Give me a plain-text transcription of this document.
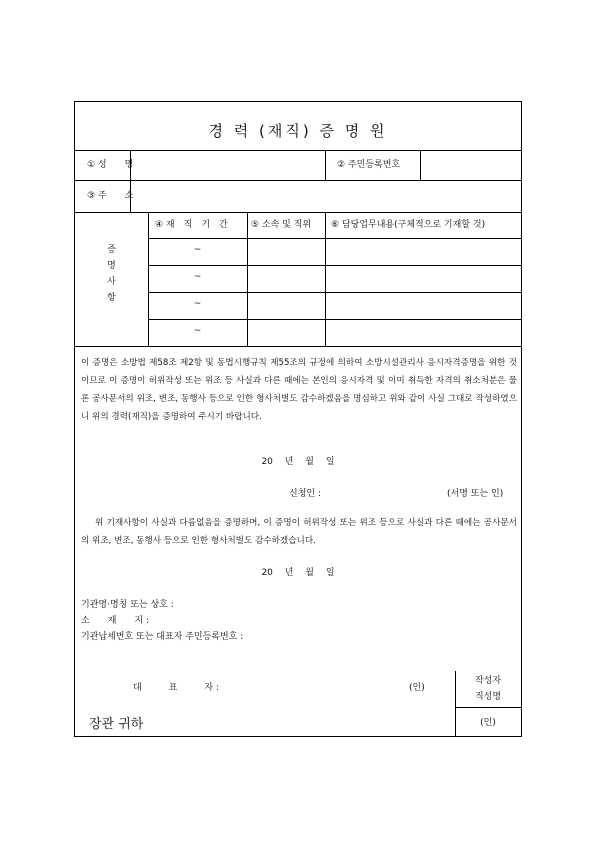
경 력 (재직) 증 명 원
① 성　　명	② 주민등록번호
③ 주　　소
증
명
사
항
④ 재　직　기　간	⑤ 소속 및 직위 ⑥ 담당업무내용(구체적으로 기재할 것)
~
~
~
~
이 증명은 소방법 제58조 제2항 및 동법시행규칙 제55조의 규정에 의하여 소방시설관리사 응시자격증명을 위한 것이므로 이 증명이 허위작성 또는 위조 등 사실과 다른 때에는 본인의 응시자격 및 이미 취득한 자격의 취소처분은 물론 공사문서의 위조, 변조, 동행사 등으로 인한 형사처벌도 감수하겠음을 명심하고 위와 같이 사실 그대로 작성하였으니 위의 경력(재직)을 증명하여 주시기 바랍니다.
20　 년　 월　 일
신청인 :	(서명 또는 인)
위 기재사항이 사실과 다름없음을 증명하며, 이 증명이 허위작성 또는 위조 등으로 사실과 다른 때에는 공사문서의 위조, 변조, 동행사 등으로 인한 형사처벌도 감수하겠습니다.
20　 년　 월　 일
기관명·명칭 또는 상호 :
소　　재　　지 :
기관납세번호 또는 대표자 주민등록번호 :
대　　　표　　　자 :	(인)
작성자
직성명
(인)
장관 귀하
